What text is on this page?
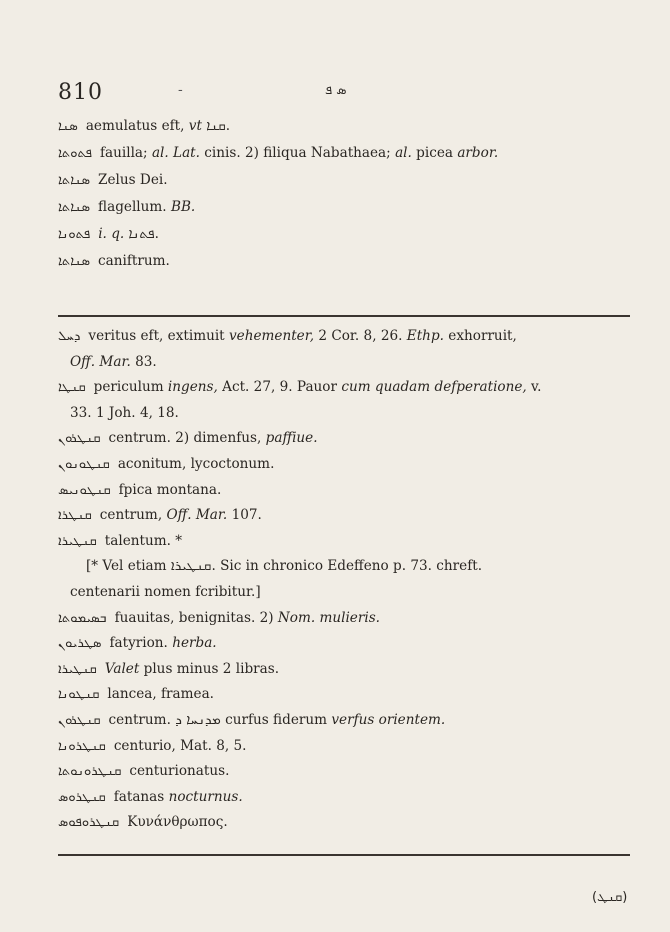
810	-	ܣ ܦ
ܣܢܐ aemulatus eft, vt ܩܢܐ.
ܦܬܘܬܐ fauilla; al. Lat. cinis. 2) filiqua Nabathaea; al. picea arbor.
ܣܢܐܬܐ Zelus Dei.
ܣܢܐܬܐ flagellum. BB.
ܦܬܘܢܐ i. q. ܦܬܢܐ.
ܣܢܐܬܐ caniftrum.
ܕܚܠ veritus eft, extimuit vehementer, 2 Cor. 8, 26. Ethp. exhorruit,
Off. Mar. 83.
ܩܢܛܐ periculum ingens, Act. 27, 9. Pauor cum quadam defperatione, v.
33. 1 Joh. 4, 18.
ܩܢܛܪܘܢ centrum. 2) dimenfus, paffiue.
ܩܢܛܘܢܘܢ aconitum, lycoctonum.
ܩܢܛܘܢܝܣ fpica montana.
ܩܢܛܪܐ centrum, Off. Mar. 107.
ܩܢܛܝܪܐ talentum. *
[* Vel etiam ܩܢܛܝܪܐ. Sic in chronico Edeffeno p. 73. chreft.
centenarii nomen fcribitur.]
ܒܣܝܡܘܬܐ fuauitas, benignitas. 2) Nom. mulieris.
ܣܛܪܝܘܢ fatyrion. herba.
ܩܢܛܝܪܐ Valet plus minus 2 libras.
ܩܢܛܘܢܐ lancea, framea.
ܩܢܛܪܘܢ centrum. ܡܕܢܚܐ ܕ curfus fiderum verfus orientem.
ܩܢܛܪܘܢܐ centurio, Mat. 8, 5.
ܩܢܛܪܘܢܘܬܐ centurionatus.
ܩܢܛܪܘܣ fatanas nocturnus.
ܩܢܛܪܘܦܘܣ Κυνάνθρωπος.
(ܩܢܛ)
